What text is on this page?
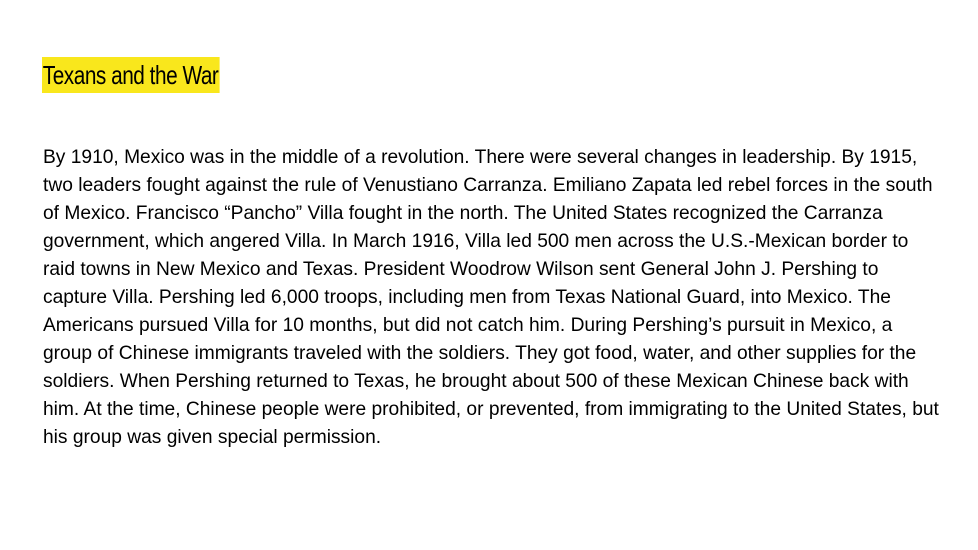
Texans and the War

By 1910, Mexico was in the middle of a revolution. There were several changes in leadership. By 1915, two leaders fought against the rule of Venustiano Carranza. Emiliano Zapata led rebel forces in the south of Mexico. Francisco “Pancho” Villa fought in the north. The United States recognized the Carranza government, which angered Villa. In March 1916, Villa led 500 men across the U.S.-Mexican border to raid towns in New Mexico and Texas. President Woodrow Wilson sent General John J. Pershing to capture Villa. Pershing led 6,000 troops, including men from Texas National Guard, into Mexico. The Americans pursued Villa for 10 months, but did not catch him. During Pershing’s pursuit in Mexico, a group of Chinese immigrants traveled with the soldiers. They got food, water, and other supplies for the soldiers. When Pershing returned to Texas, he brought about 500 of these Mexican Chinese back with him. At the time, Chinese people were prohibited, or prevented, from immigrating to the United States, but his group was given special permission.
